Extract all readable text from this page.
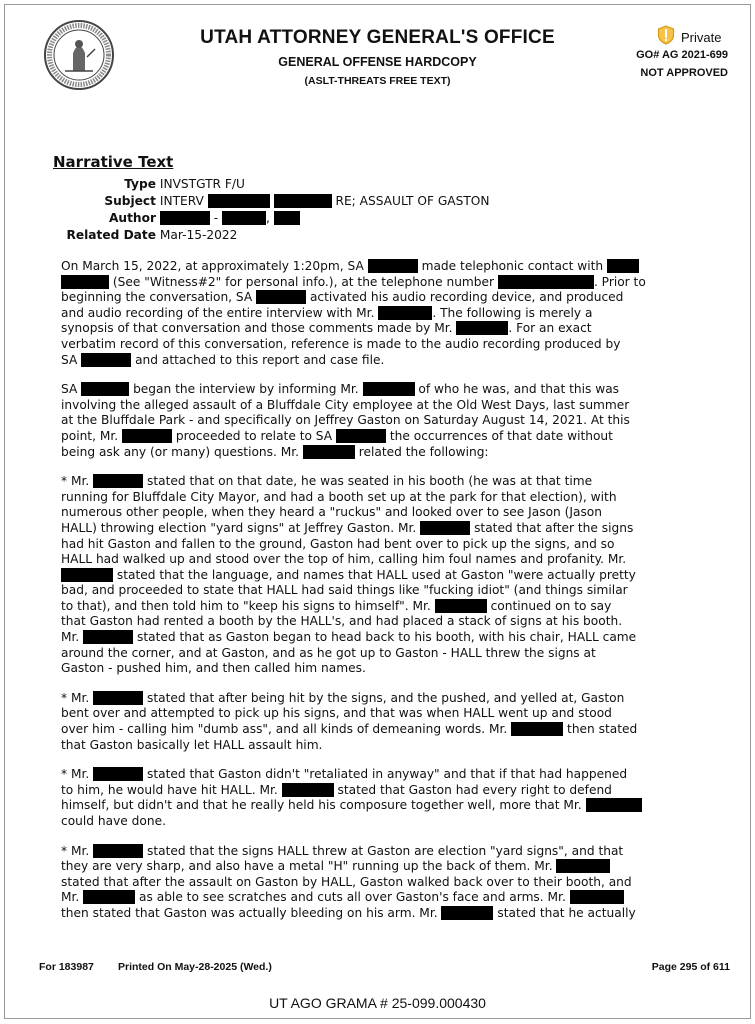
UTAH ATTORNEY GENERAL'S OFFICE
GENERAL OFFENSE HARDCOPY
(ASLT-THREATS FREE TEXT)
Private
GO# AG 2021-699
NOT APPROVED
Narrative Text
Type INVSTGTR F/U
Subject INTERV	RE; ASSAULT OF GASTON
Author	-	,
Related Date Mar-15-2022
On March 15, 2022, at approximately 1:20pm, SA	made telephonic contact with
(See "Witness#2" for personal info.), at the telephone number	. Prior to
beginning the conversation, SA	activated his audio recording device, and produced
and audio recording of the entire interview with Mr.	. The following is merely a
synopsis of that conversation and those comments made by Mr.	. For an exact
verbatim record of this conversation, reference is made to the audio recording produced by
SA	and attached to this report and case file.
SA	began the interview by informing Mr.	of who he was, and that this was
involving the alleged assault of a Bluffdale City employee at the Old West Days, last summer
at the Bluffdale Park - and specifically on Jeffrey Gaston on Saturday August 14, 2021. At this
point, Mr.	proceeded to relate to SA	the occurrences of that date without
being ask any (or many) questions. Mr.	related the following:
* Mr.	stated that on that date, he was seated in his booth (he was at that time
running for Bluffdale City Mayor, and had a booth set up at the park for that election), with
numerous other people, when they heard a "ruckus" and looked over to see Jason (Jason
HALL) throwing election "yard signs" at Jeffrey Gaston. Mr.	stated that after the signs
had hit Gaston and fallen to the ground, Gaston had bent over to pick up the signs, and so
HALL had walked up and stood over the top of him, calling him foul names and profanity. Mr.
stated that the language, and names that HALL used at Gaston "were actually pretty
bad, and proceeded to state that HALL had said things like "fucking idiot" (and things similar
to that), and then told him to "keep his signs to himself". Mr.	continued on to say
that Gaston had rented a booth by the HALL's, and had placed a stack of signs at his booth.
Mr.	stated that as Gaston began to head back to his booth, with his chair, HALL came
around the corner, and at Gaston, and as he got up to Gaston - HALL threw the signs at
Gaston - pushed him, and then called him names.
* Mr.	stated that after being hit by the signs, and the pushed, and yelled at, Gaston
bent over and attempted to pick up his signs, and that was when HALL went up and stood
over him - calling him "dumb ass", and all kinds of demeaning words. Mr.	then stated
that Gaston basically let HALL assault him.
* Mr.	stated that Gaston didn't "retaliated in anyway" and that if that had happened
to him, he would have hit HALL. Mr.	stated that Gaston had every right to defend
himself, but didn't and that he really held his composure together well, more that Mr.
could have done.
* Mr.	stated that the signs HALL threw at Gaston are election "yard signs", and that
they are very sharp, and also have a metal "H" running up the back of them. Mr.
stated that after the assault on Gaston by HALL, Gaston walked back over to their booth, and
Mr.	as able to see scratches and cuts all over Gaston's face and arms. Mr.
then stated that Gaston was actually bleeding on his arm. Mr.	stated that he actually
For 183987 Printed On May-28-2025 (Wed.)	Page 295 of 611
UT AGO GRAMA # 25-099.000430
